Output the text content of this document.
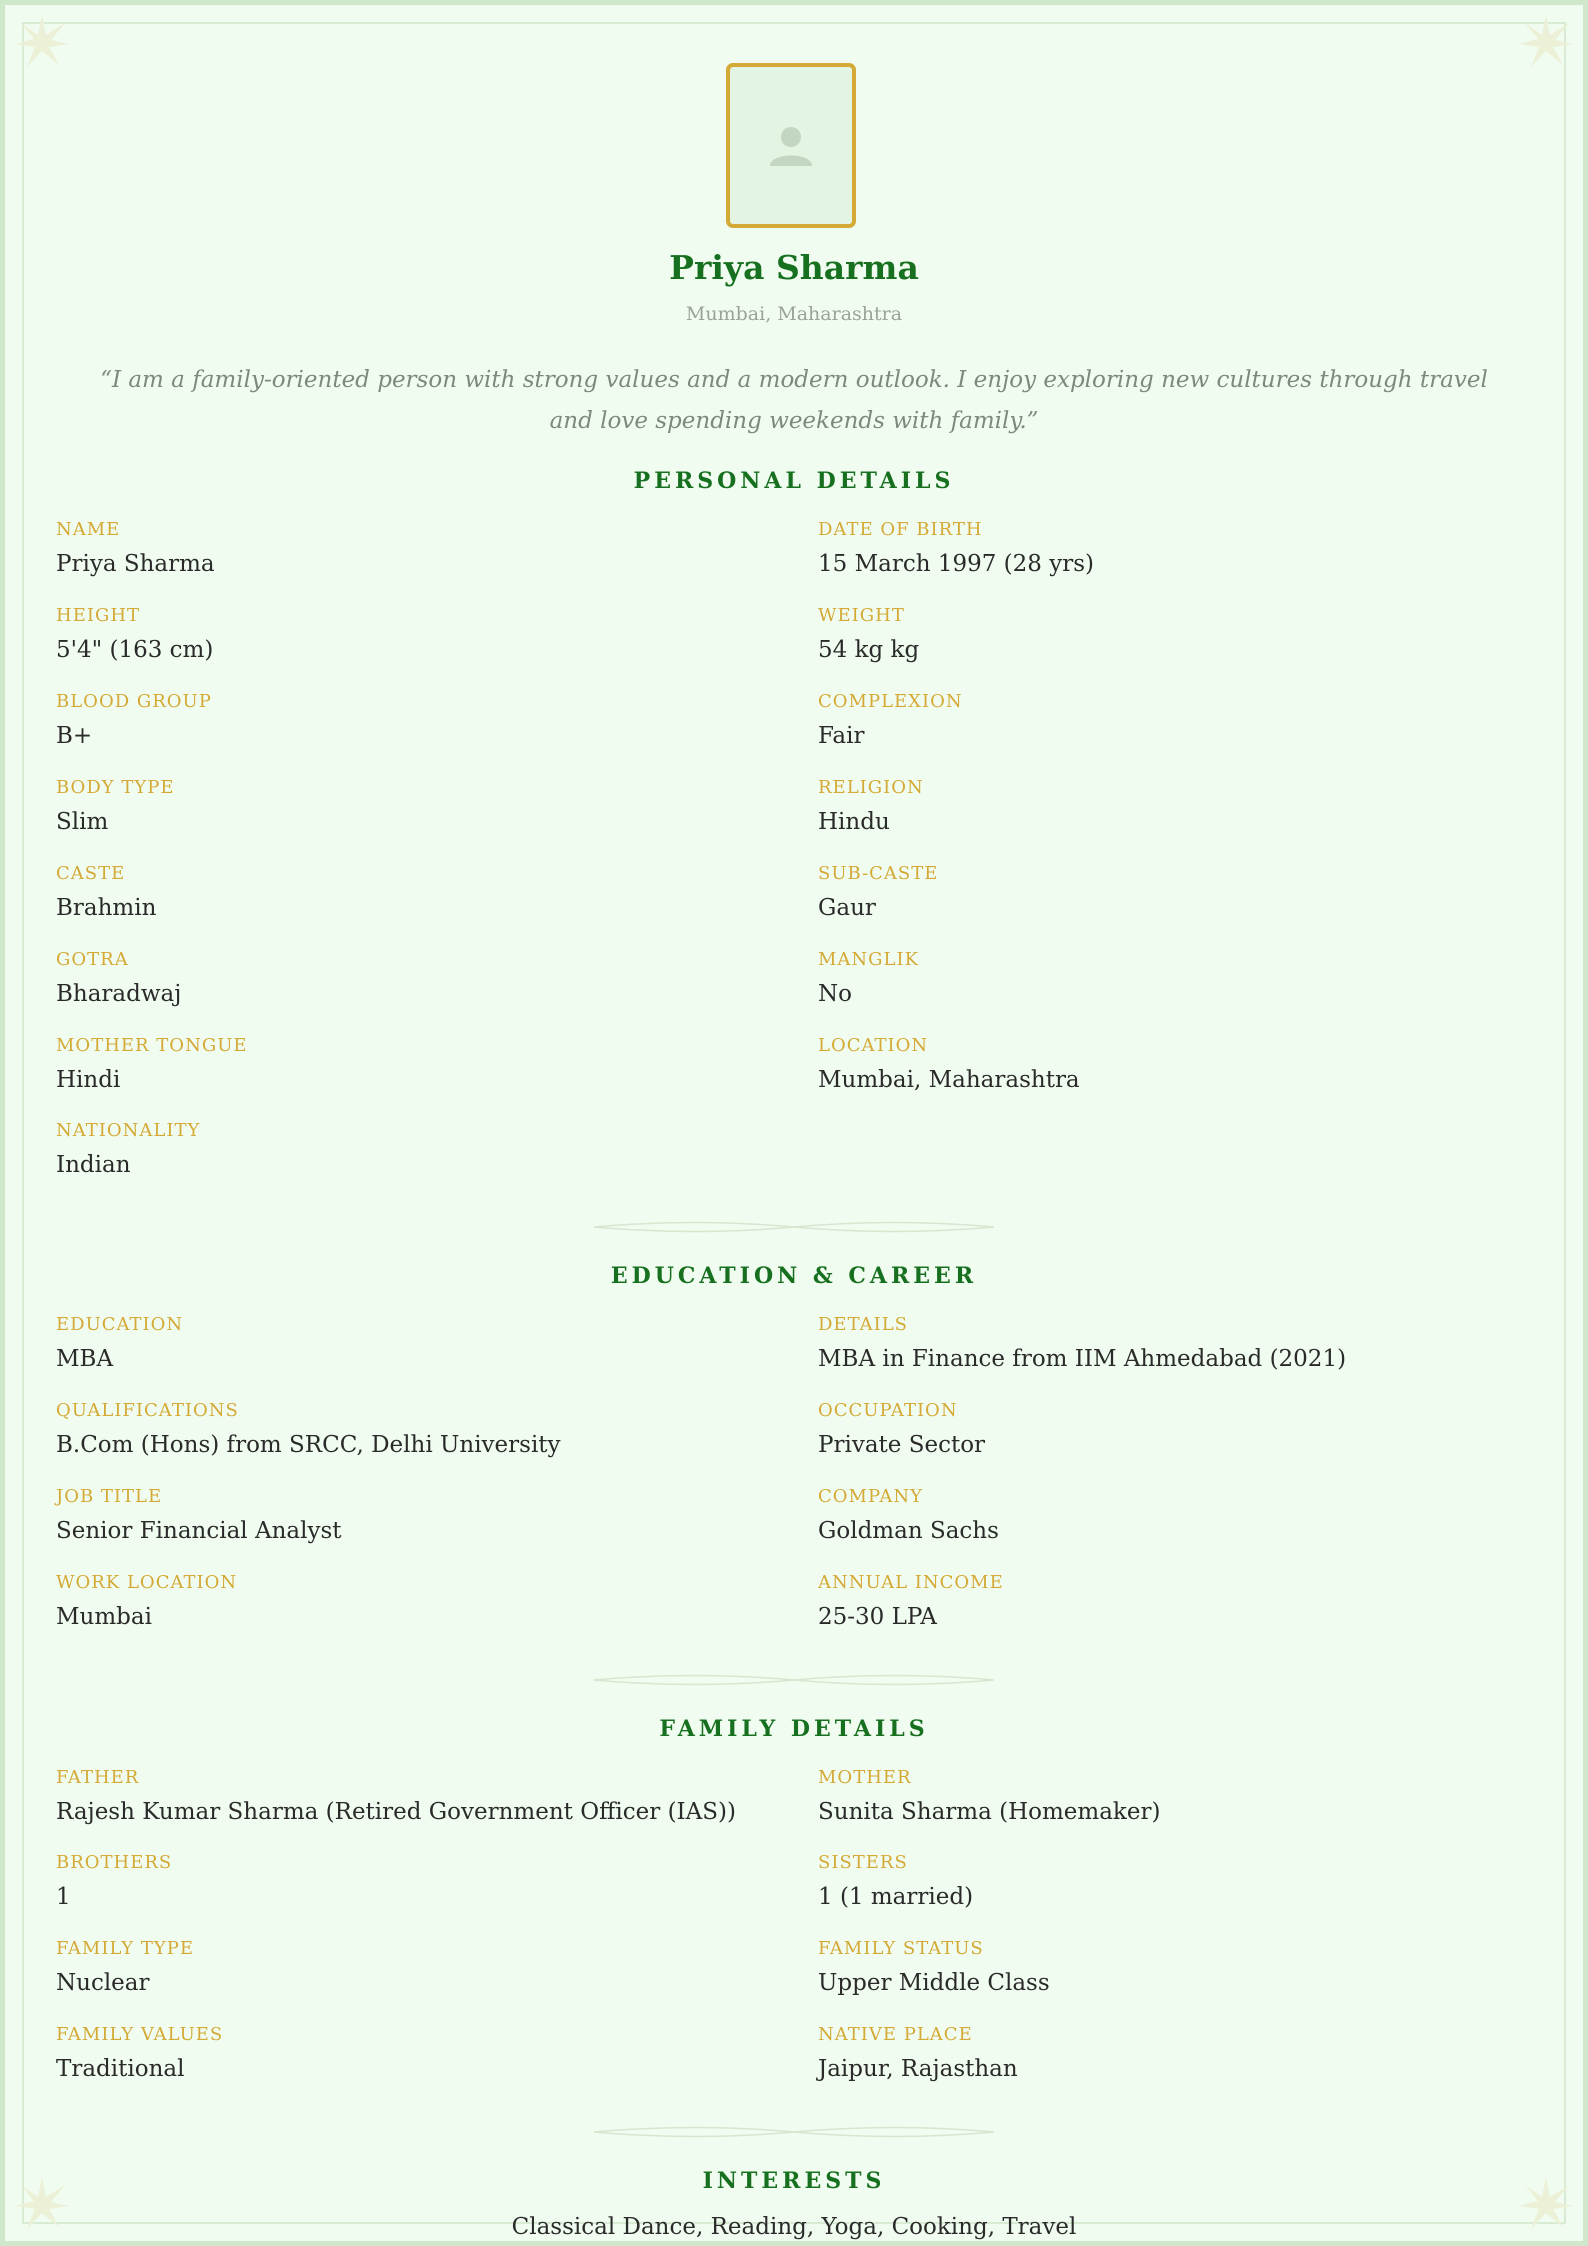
Priya Sharma
Mumbai, Maharashtra
“I am a family-oriented person with strong values and a modern outlook. I enjoy exploring new cultures through travel and love spending weekends with family.”
PERSONAL DETAILS
NAME
Priya Sharma
DATE OF BIRTH
15 March 1997 (28 yrs)
HEIGHT
5'4" (163 cm)
WEIGHT
54 kg kg
BLOOD GROUP
B+
COMPLEXION
Fair
BODY TYPE
Slim
RELIGION
Hindu
CASTE
Brahmin
SUB-CASTE
Gaur
GOTRA
Bharadwaj
MANGLIK
No
MOTHER TONGUE
Hindi
LOCATION
Mumbai, Maharashtra
NATIONALITY
Indian
EDUCATION & CAREER
EDUCATION
MBA
DETAILS
MBA in Finance from IIM Ahmedabad (2021)
QUALIFICATIONS
B.Com (Hons) from SRCC, Delhi University
OCCUPATION
Private Sector
JOB TITLE
Senior Financial Analyst
COMPANY
Goldman Sachs
WORK LOCATION
Mumbai
ANNUAL INCOME
25-30 LPA
FAMILY DETAILS
FATHER
Rajesh Kumar Sharma (Retired Government Officer (IAS))
MOTHER
Sunita Sharma (Homemaker)
BROTHERS
1
SISTERS
1 (1 married)
FAMILY TYPE
Nuclear
FAMILY STATUS
Upper Middle Class
FAMILY VALUES
Traditional
NATIVE PLACE
Jaipur, Rajasthan
INTERESTS
Classical Dance, Reading, Yoga, Cooking, Travel
